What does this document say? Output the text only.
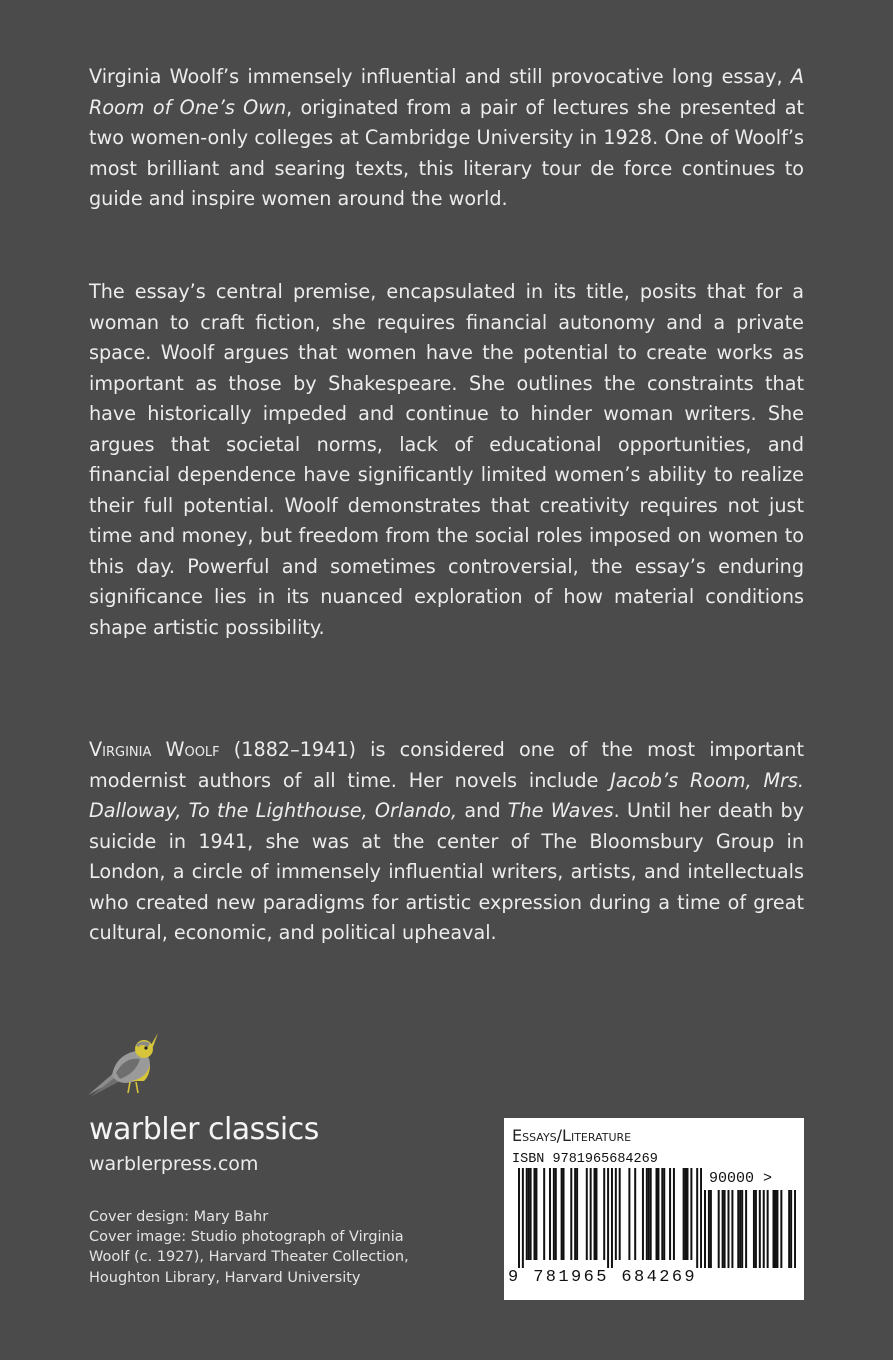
Virginia Woolf’s immensely influential and still provocative long essay, A Room of One’s Own, originated from a pair of lectures she presented at two women-only colleges at Cambridge University in 1928. One of Woolf’s most brilliant and searing texts, this literary tour de force continues to guide and inspire women around the world.

The essay’s central premise, encapsulated in its title, posits that for a woman to craft fiction, she requires financial autonomy and a private space. Woolf argues that women have the potential to create works as important as those by Shakespeare. She outlines the constraints that have historically impeded and continue to hinder woman writers. She argues that societal norms, lack of educational opportunities, and financial dependence have significantly limited women’s ability to realize their full potential. Woolf demonstrates that creativity requires not just time and money, but freedom from the social roles imposed on women to this day. Powerful and sometimes controversial, the essay’s enduring significance lies in its nuanced exploration of how material conditions shape artistic possibility.

Virginia Woolf (1882–1941) is considered one of the most important modernist authors of all time. Her novels include Jacob’s Room, Mrs. Dalloway, To the Lighthouse, Orlando, and The Waves. Until her death by suicide in 1941, she was at the center of The Bloomsbury Group in London, a circle of immensely influential writers, artists, and intellectuals who created new paradigms for artistic expression during a time of great cultural, economic, and political upheaval.

warbler classics
warblerpress.com
Cover design: Mary Bahr
Cover image: Studio photograph of Virginia Woolf (c. 1927), Harvard Theater Collection, Houghton Library, Harvard University
Essays/Literature
ISBN 9781965684269
90000 >
9 781965 684269
